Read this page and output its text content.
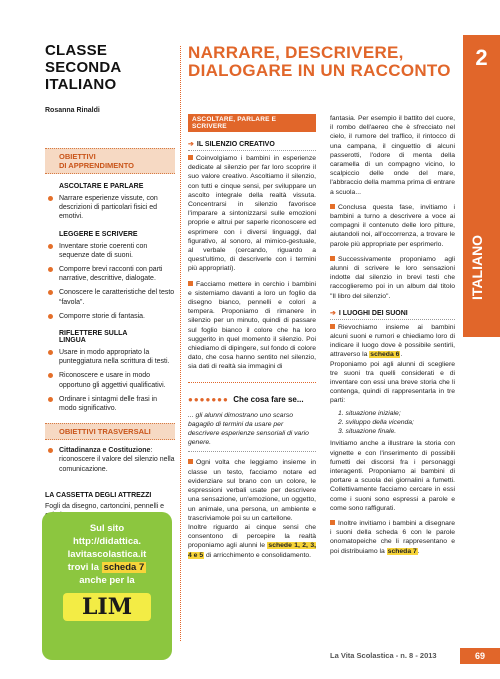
CLASSE SECONDA
ITALIANO
Rosanna Rinaldi
OBIETTIVI
DI APPRENDIMENTO
ASCOLTARE E PARLARE
Narrare esperienze vissute, con descrizioni di particolari fisici ed emotivi.
LEGGERE E SCRIVERE
Inventare storie coerenti con sequenze date di suoni.
Comporre brevi racconti con parti narrative, descrittive, dialogate.
Conoscere le caratteristiche del testo “favola”.
Comporre storie di fantasia.
RIFLETTERE SULLA LINGUA
Usare in modo appropriato la punteggiatura nella scrittura di testi.
Riconoscere e usare in modo opportuno gli aggettivi qualificativi.
Ordinare i sintagmi delle frasi in modo significativo.
OBIETTIVI TRASVERSALI
Cittadinanza e Costituzione: riconoscere il valore del silenzio nella comunicazione.
LA CASSETTA DEGLI ATTREZZI
Fogli da disegno, cartoncini, pennelli e
Sul sito
http://didattica.
lavitascolastica.it
trovi la scheda 7
anche per la
LIM
NARRARE, DESCRIVERE,
DIALOGARE IN UN RACCONTO
2
ITALIANO
ASCOLTARE, PARLARE E SCRIVERE
➔ IL SILENZIO CREATIVO
Coinvolgiamo i bambini in esperienze dedicate al silenzio per far loro scoprire il suo valore creativo. Ascoltiamo il silenzio, con tutti e cinque sensi, per sviluppare un ascolto integrale della realtà vissuta. Concentrarsi in silenzio favorisce l'imparare a sintonizzarsi sulle emozioni proprie e altrui per saperle riconoscere ed esprimere con i diversi linguaggi, dal figurativo, al sonoro, al mimico-gestuale, al verbale (cercando, riguardo a quest'ultimo, di descriverle con i termini più appropriati).
Facciamo mettere in cerchio i bambini e sistemiamo davanti a loro un foglio da disegno bianco, pennelli e colori a tempera. Proponiamo di rimanere in silenzio per un minuto, quindi di passare sul foglio bianco il colore che ha loro suggerito in quel momento il silenzio. Poi chiediamo di dipingere, sul fondo di colore dato, che cosa hanno sentito nel silenzio, sia dati di realtà sia immagini di
●●●●●●● Che cosa fare se...
... gli alunni dimostrano uno scarso bagaglio di termini da usare per descrivere esperienze sensoriali di vario genere.
Ogni volta che leggiamo insieme in classe un testo, facciamo notare ed evidenziare sul brano con un colore, le espressioni verbali usate per descrivere una sensazione, un'emozione, un oggetto, un animale, una persona, un ambiente e trascriviamole poi su un cartellone.
Inoltre riguardo ai cinque sensi che consentono di percepire la realtà proponiamo agli alunni le schede 1, 2, 3, 4 e 5 di arricchimento e consolidamento.
fantasia. Per esempio il battito del cuore, il rombo dell'aereo che è sfrecciato nel cielo, il rumore del traffico, il rintocco di una campana, il cinguettio di alcuni passerotti, l'odore di menta della caramella di un compagno vicino, lo scalpiccio delle onde del mare, l'abbraccio della mamma prima di entrare a scuola...
Conclusa questa fase, invitiamo i bambini a turno a descrivere a voce ai compagni il contenuto delle loro pitture, aiutandoli noi, all'occorrenza, a trovare le parole più appropriate per esprimerlo.
Successivamente proponiamo agli alunni di scrivere le loro sensazioni indotte dal silenzio in brevi testi che raccoglieremo poi in un album dal titolo "Il libro del silenzio".
➔ I LUOGHI DEI SUONI
Rievochiamo insieme ai bambini alcuni suoni e rumori e chiediamo loro di indicare il luogo dove è possibile sentirli, attraverso la scheda 6.
Proponiamo poi agli alunni di scegliere tre suoni tra quelli considerati e di inventare con essi una breve storia che li contenga, quindi di rappresentarla in tre parti:
1. situazione iniziale;
2. sviluppo della vicenda;
3. situazione finale.
Invitiamo anche a illustrare la storia con vignette e con l'inserimento di possibili fumetti dei discorsi fra i personaggi interagenti. Proponiamo ai bambini di portare a scuola dei giornalini a fumetti. Collettivamente facciamo cercare in essi come i suoni sono espressi a parole e come sono raffigurati.
Inoltre invitiamo i bambini a disegnare i suoni della scheda 6 con le parole onomatopeiche che li rappresentano e poi distribuiamo la scheda 7.
La Vita Scolastica - n. 8 - 2013	69
